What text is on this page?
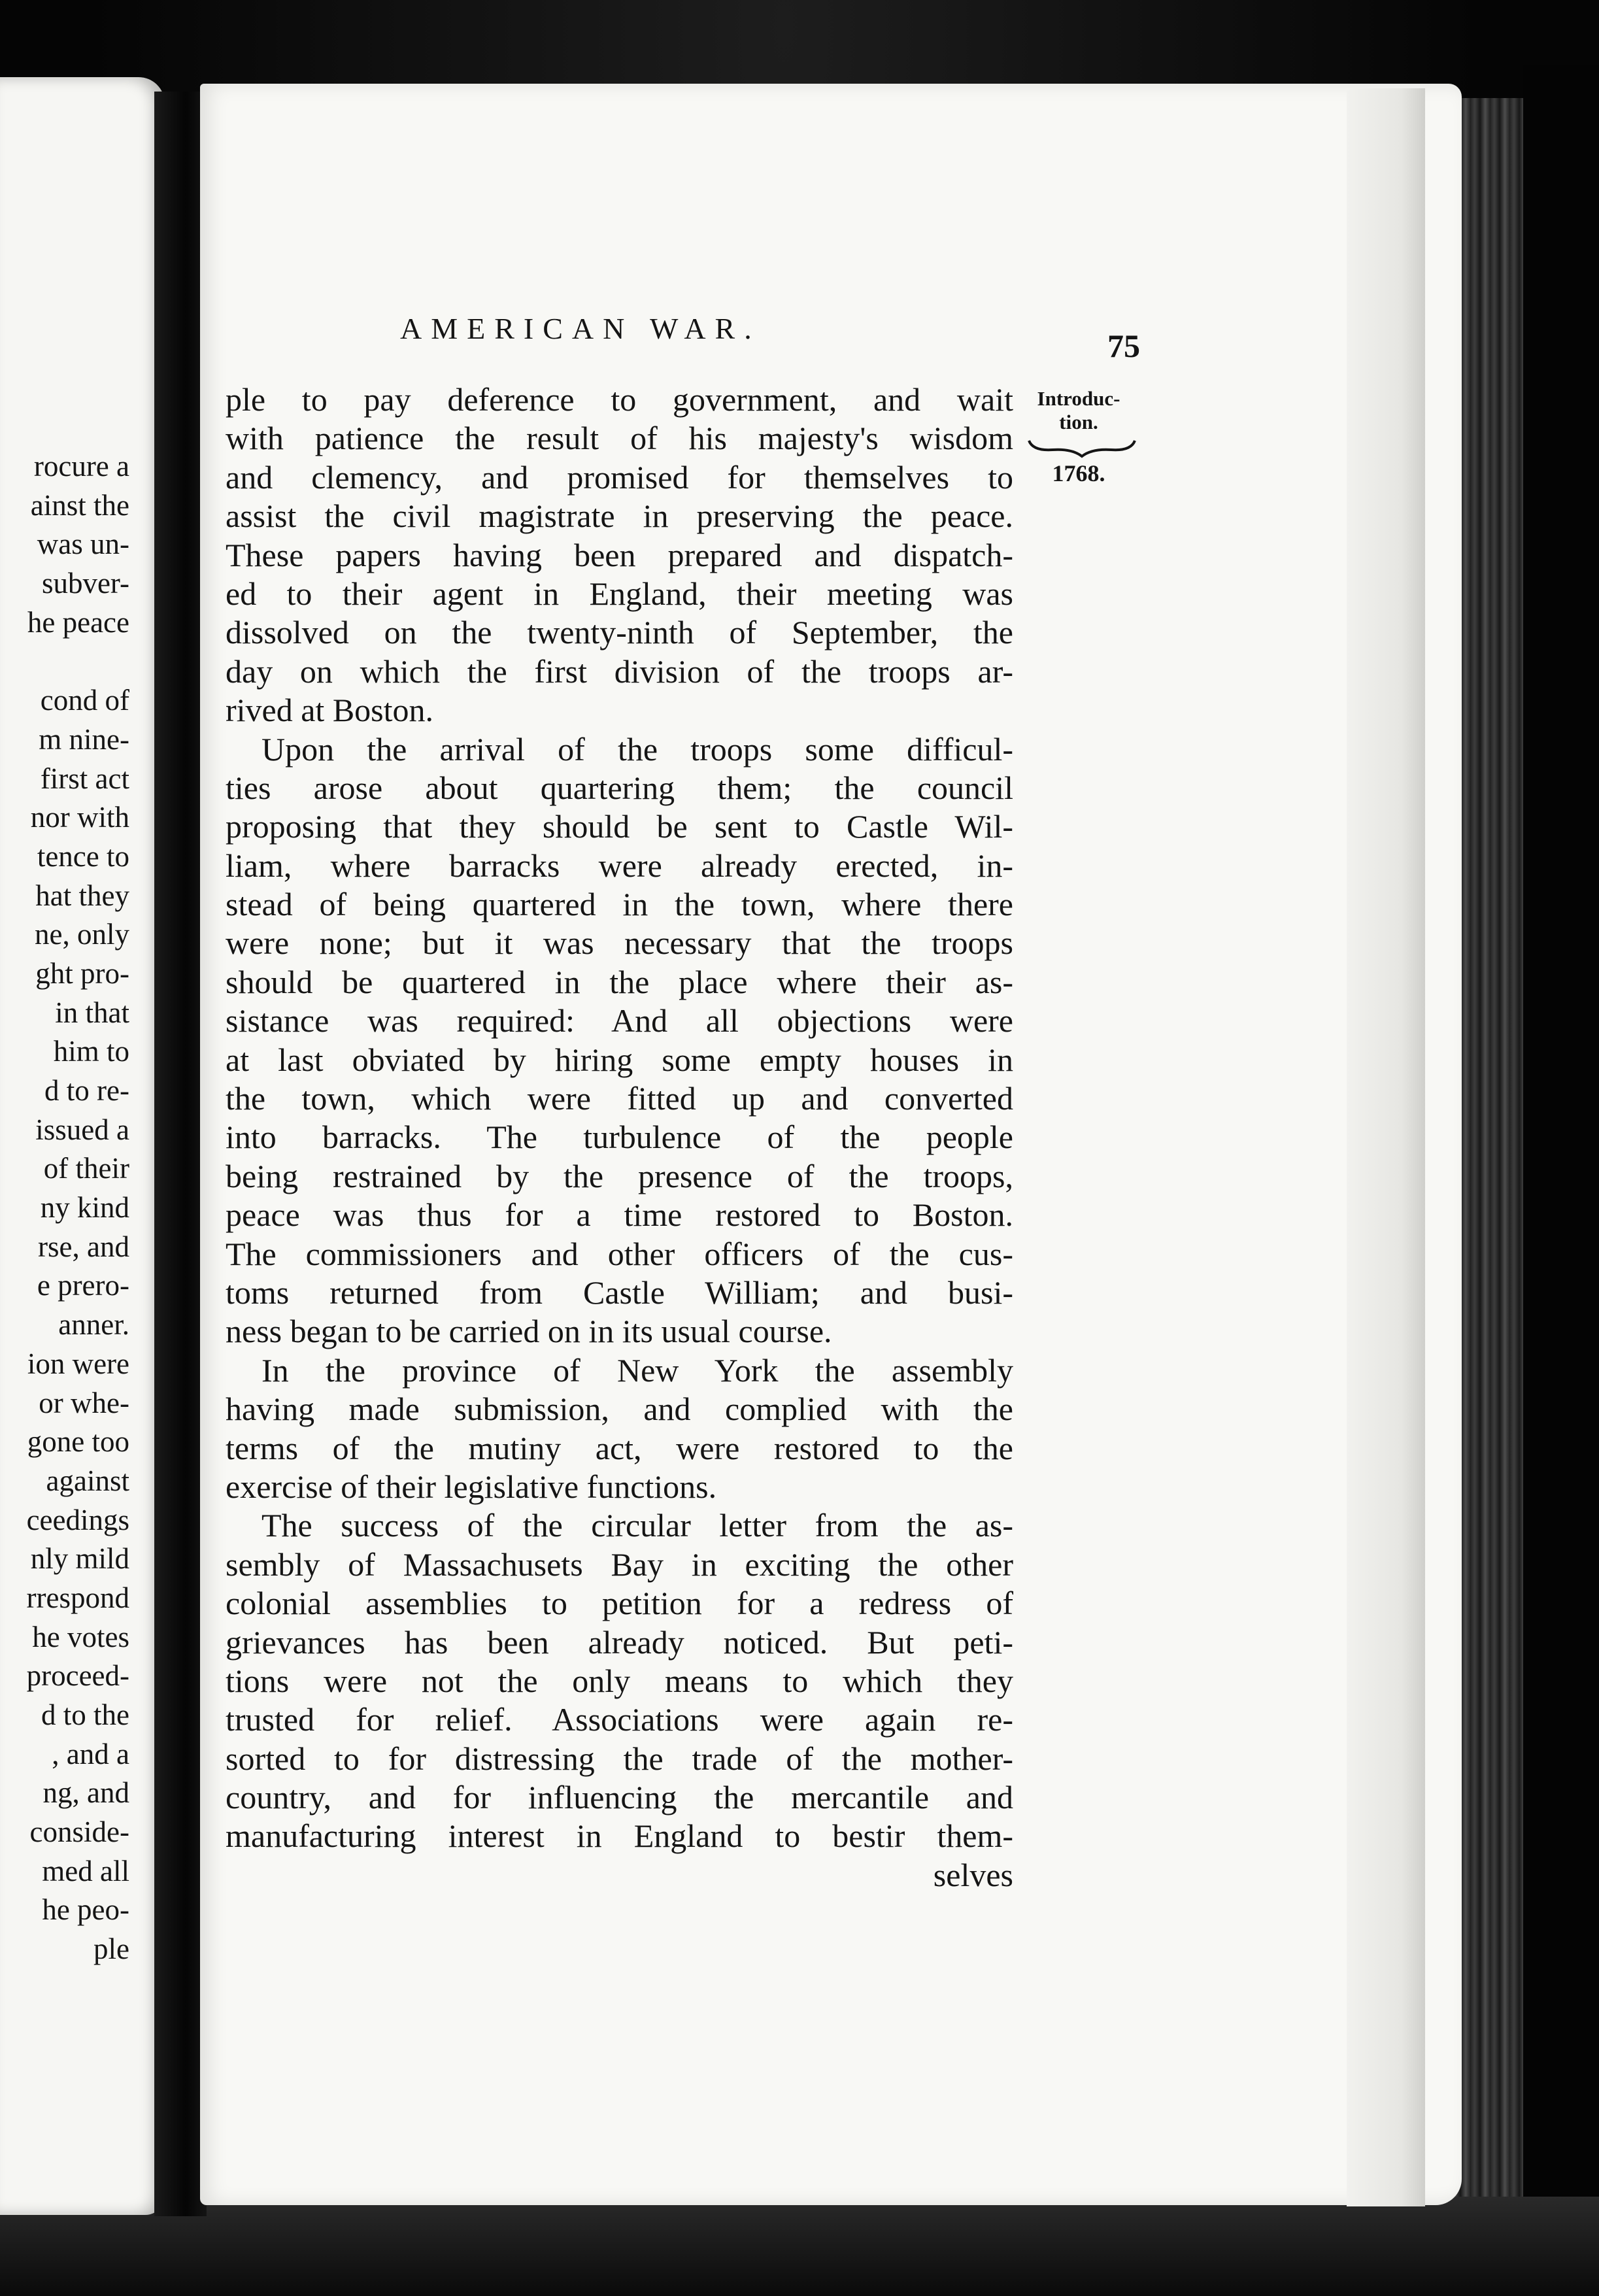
rocure a
ainst the
was un-
subver-
he peace
cond of
m nine-
first act
nor with
tence to
hat they
ne, only
ght pro-
in that
him to
d to re-
issued a
of their
ny kind
rse, and
e prero-
anner.
ion were
or whe-
gone too
against
ceedings
nly mild
rrespond
he votes
proceed-
d to the
, and a
ng, and
conside-
med all
he peo-
ple
AMERICAN WAR.	75
Introduc-
tion.
1768.
ple to pay deference to government, and wait
with patience the result of his majesty's wisdom
and clemency, and promised for themselves to
assist the civil magistrate in preserving the peace.
These papers having been prepared and dispatch-
ed to their agent in England, their meeting was
dissolved on the twenty-ninth of September, the
day on which the first division of the troops ar-
rived at Boston.
Upon the arrival of the troops some difficul-
ties arose about quartering them; the council
proposing that they should be sent to Castle Wil-
liam, where barracks were already erected, in-
stead of being quartered in the town, where there
were none; but it was necessary that the troops
should be quartered in the place where their as-
sistance was required: And all objections were
at last obviated by hiring some empty houses in
the town, which were fitted up and converted
into barracks. The turbulence of the people
being restrained by the presence of the troops,
peace was thus for a time restored to Boston.
The commissioners and other officers of the cus-
toms returned from Castle William; and busi-
ness began to be carried on in its usual course.
In the province of New York the assembly
having made submission, and complied with the
terms of the mutiny act, were restored to the
exercise of their legislative functions.
The success of the circular letter from the as-
sembly of Massachusets Bay in exciting the other
colonial assemblies to petition for a redress of
grievances has been already noticed. But peti-
tions were not the only means to which they
trusted for relief. Associations were again re-
sorted to for distressing the trade of the mother-
country, and for influencing the mercantile and
manufacturing interest in England to bestir them-
selves
